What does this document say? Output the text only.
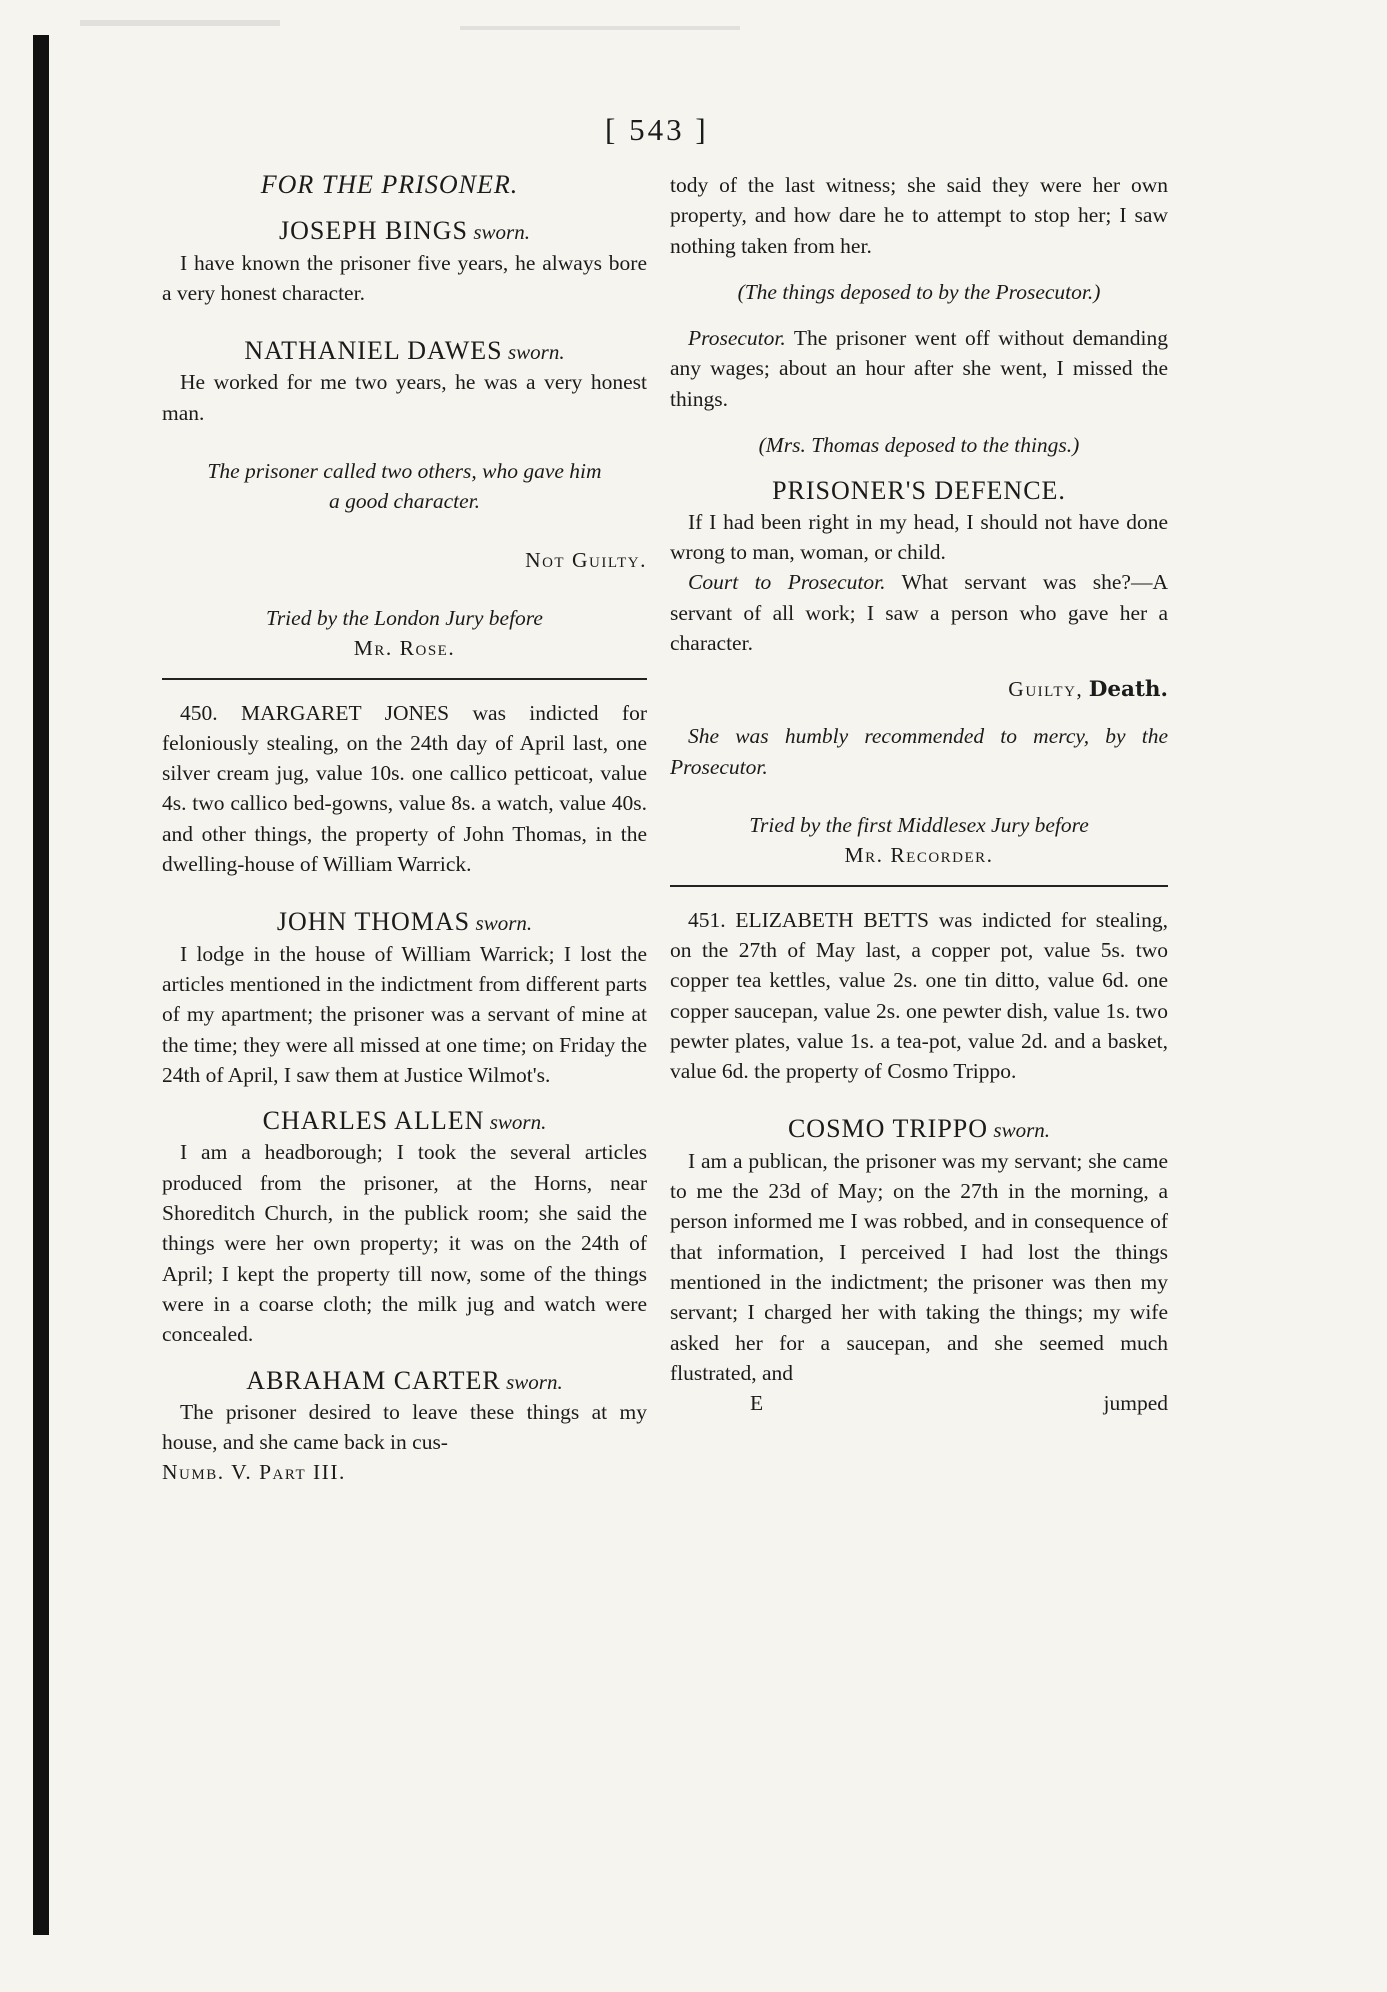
[ 543 ]
FOR THE PRISONER.
JOSEPH BINGS sworn.
I have known the prisoner five years, he always bore a very honest character.
NATHANIEL DAWES sworn.
He worked for me two years, he was a very honest man.
The prisoner called two others, who gave him a good character.
Not Guilty.
Tried by the London Jury before
Mr. Rose.
450. MARGARET JONES was indicted for feloniously stealing, on the 24th day of April last, one silver cream jug, value 10s. one callico petticoat, value 4s. two callico bed-gowns, value 8s. a watch, value 40s. and other things, the property of John Thomas, in the dwelling-house of William Warrick.
JOHN THOMAS sworn.
I lodge in the house of William Warrick; I lost the articles mentioned in the indictment from different parts of my apartment; the prisoner was a servant of mine at the time; they were all missed at one time; on Friday the 24th of April, I saw them at Justice Wilmot's.
CHARLES ALLEN sworn.
I am a headborough; I took the several articles produced from the prisoner, at the Horns, near Shoreditch Church, in the publick room; she said the things were her own property; it was on the 24th of April; I kept the property till now, some of the things were in a coarse cloth; the milk jug and watch were concealed.
ABRAHAM CARTER sworn.
The prisoner desired to leave these things at my house, and she came back in cus-
Numb. V. Part III.
tody of the last witness; she said they were her own property, and how dare he to attempt to stop her; I saw nothing taken from her.
(The things deposed to by the Prosecutor.)
Prosecutor. The prisoner went off without demanding any wages; about an hour after she went, I missed the things.
(Mrs. Thomas deposed to the things.)
PRISONER'S DEFENCE.
If I had been right in my head, I should not have done wrong to man, woman, or child.
Court to Prosecutor. What servant was she?—A servant of all work; I saw a person who gave her a character.
Guilty, Death.
She was humbly recommended to mercy, by the Prosecutor.
Tried by the first Middlesex Jury before
Mr. Recorder.
451. ELIZABETH BETTS was indicted for stealing, on the 27th of May last, a copper pot, value 5s. two copper tea kettles, value 2s. one tin ditto, value 6d. one copper saucepan, value 2s. one pewter dish, value 1s. two pewter plates, value 1s. a tea-pot, value 2d. and a basket, value 6d. the property of Cosmo Trippo.
COSMO TRIPPO sworn.
I am a publican, the prisoner was my servant; she came to me the 23d of May; on the 27th in the morning, a person informed me I was robbed, and in consequence of that information, I perceived I had lost the things mentioned in the indictment; the prisoner was then my servant; I charged her with taking the things; my wife asked her for a saucepan, and she seemed much flustrated, and
E	jumped
